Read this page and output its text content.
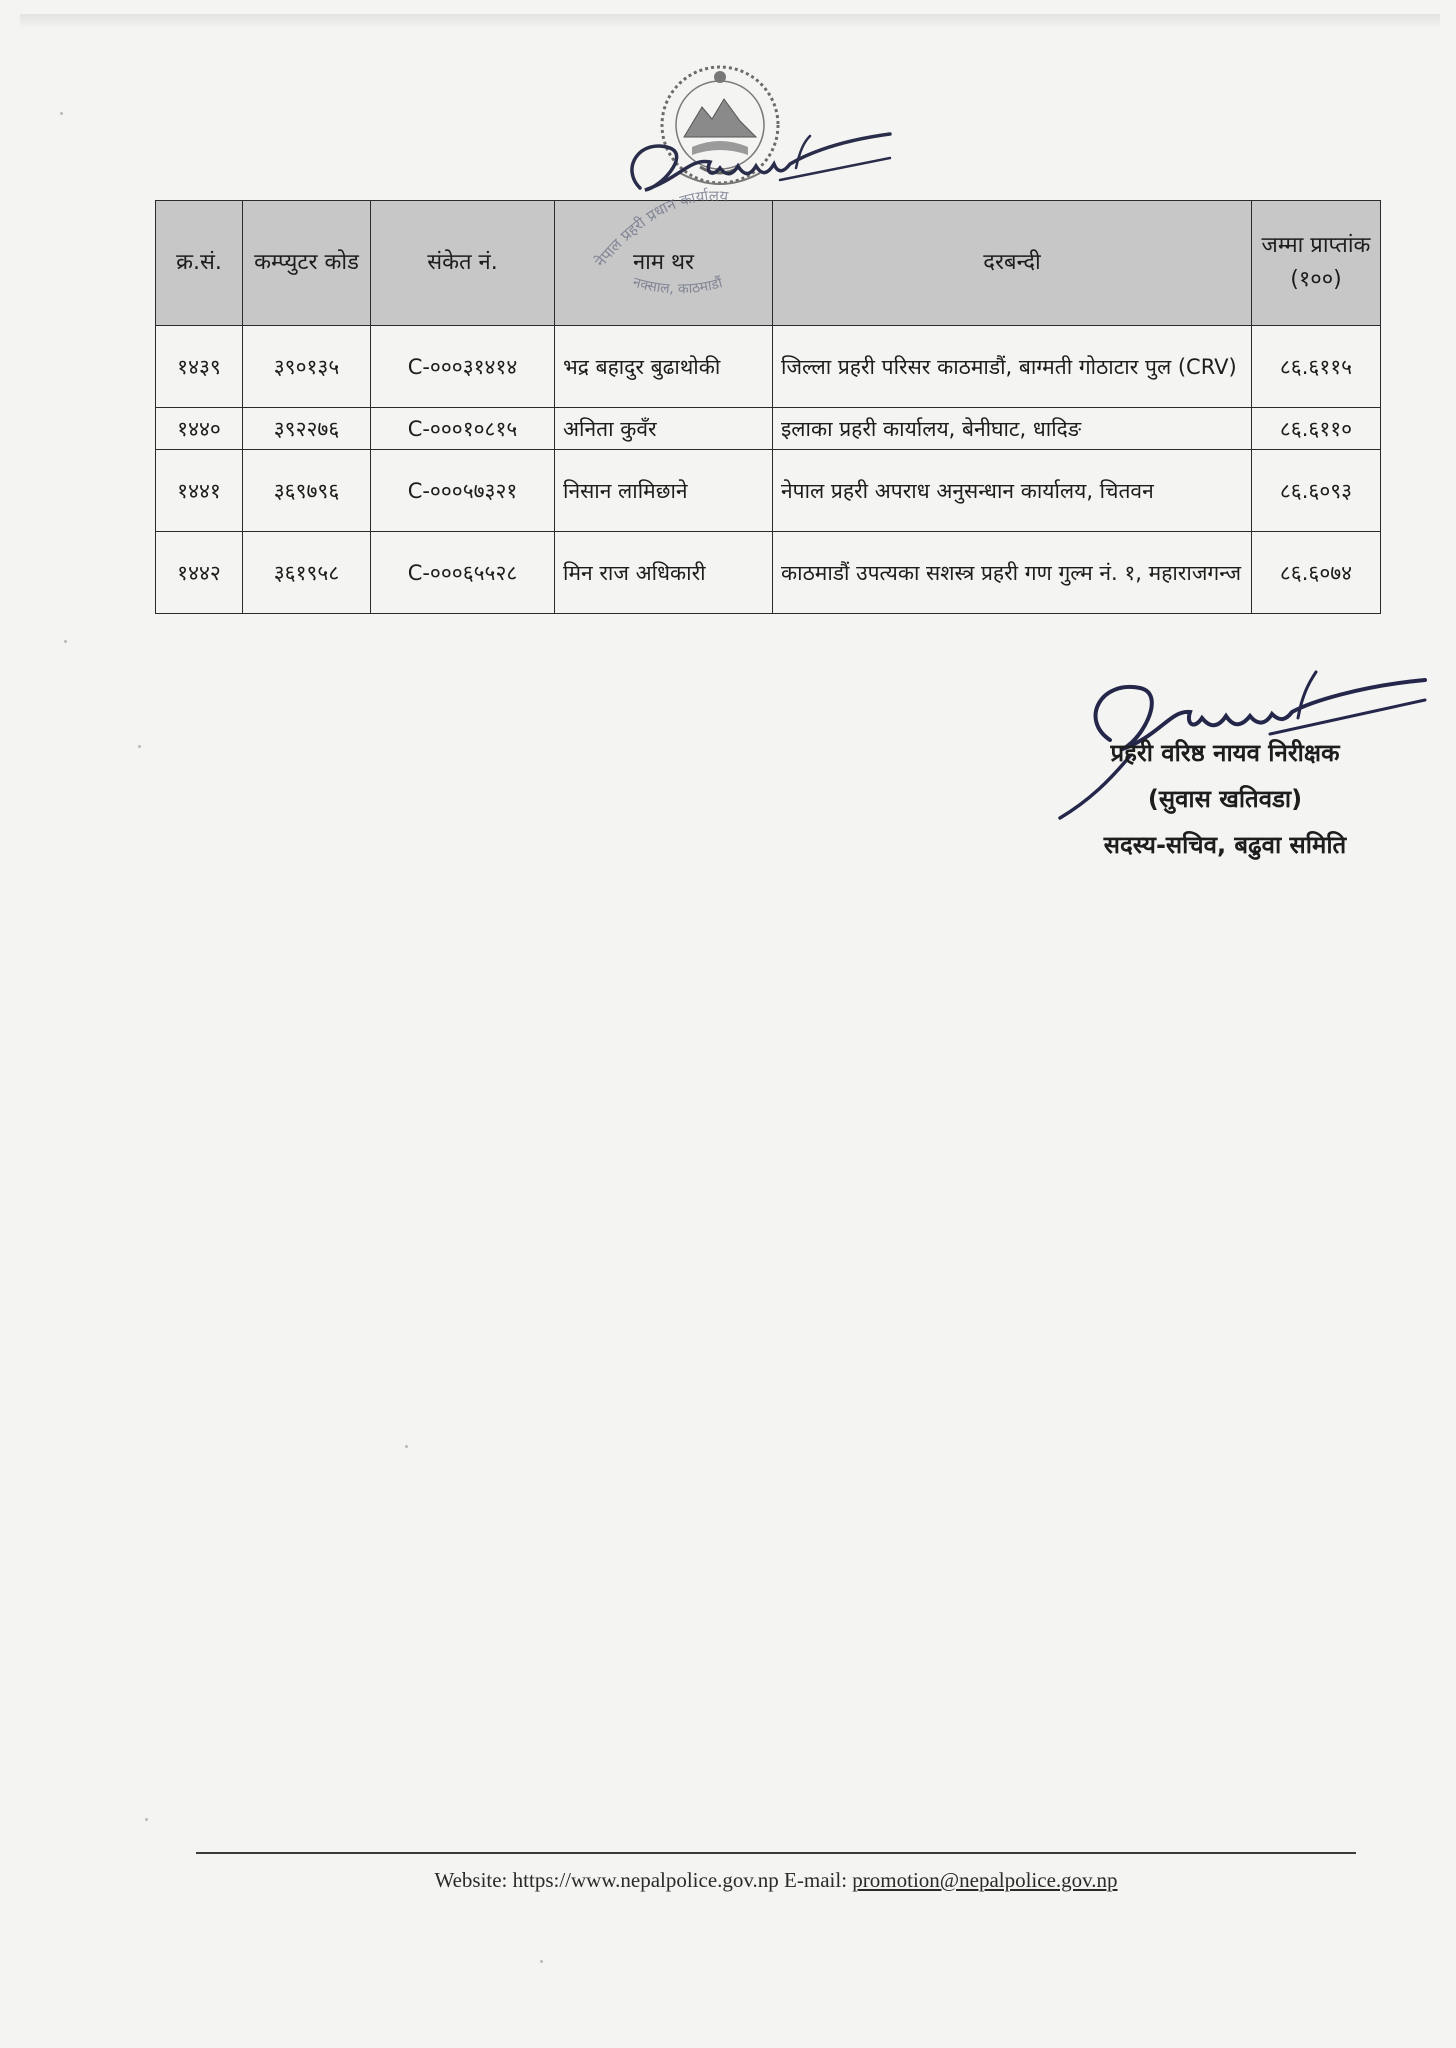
क्र.सं.	कम्प्युटर कोड	संकेत नं.	नाम थर	दरबन्दी	जम्मा प्राप्तांक (१००)
१४३९	३९०१३५	C-०००३१४१४	भद्र बहादुर बुढाथोकी	जिल्ला प्रहरी परिसर काठमाडौं, बाग्मती गोठाटार पुल (CRV)	८६.६११५
१४४०	३९२२७६	C-०००१०८१५	अनिता कुवँर	इलाका प्रहरी कार्यालय, बेनीघाट, धादिङ	८६.६११०
१४४१	३६९७९६	C-०००५७३२१	निसान लामिछाने	नेपाल प्रहरी अपराध अनुसन्धान कार्यालय, चितवन	८६.६०९३
१४४२	३६१९५८	C-०००६५५२८	मिन राज अधिकारी	काठमाडौं उपत्यका सशस्त्र प्रहरी गण गुल्म नं. १, महाराजगन्ज	८६.६०७४
नेपाल प्रहरी प्रधान कार्यालय
नक्साल, काठमाडौं
प्रहरी वरिष्ठ नायव निरीक्षक
(सुवास खतिवडा)
सदस्य-सचिव, बढुवा समिति
Website: https://www.nepalpolice.gov.np E-mail: promotion@nepalpolice.gov.np
